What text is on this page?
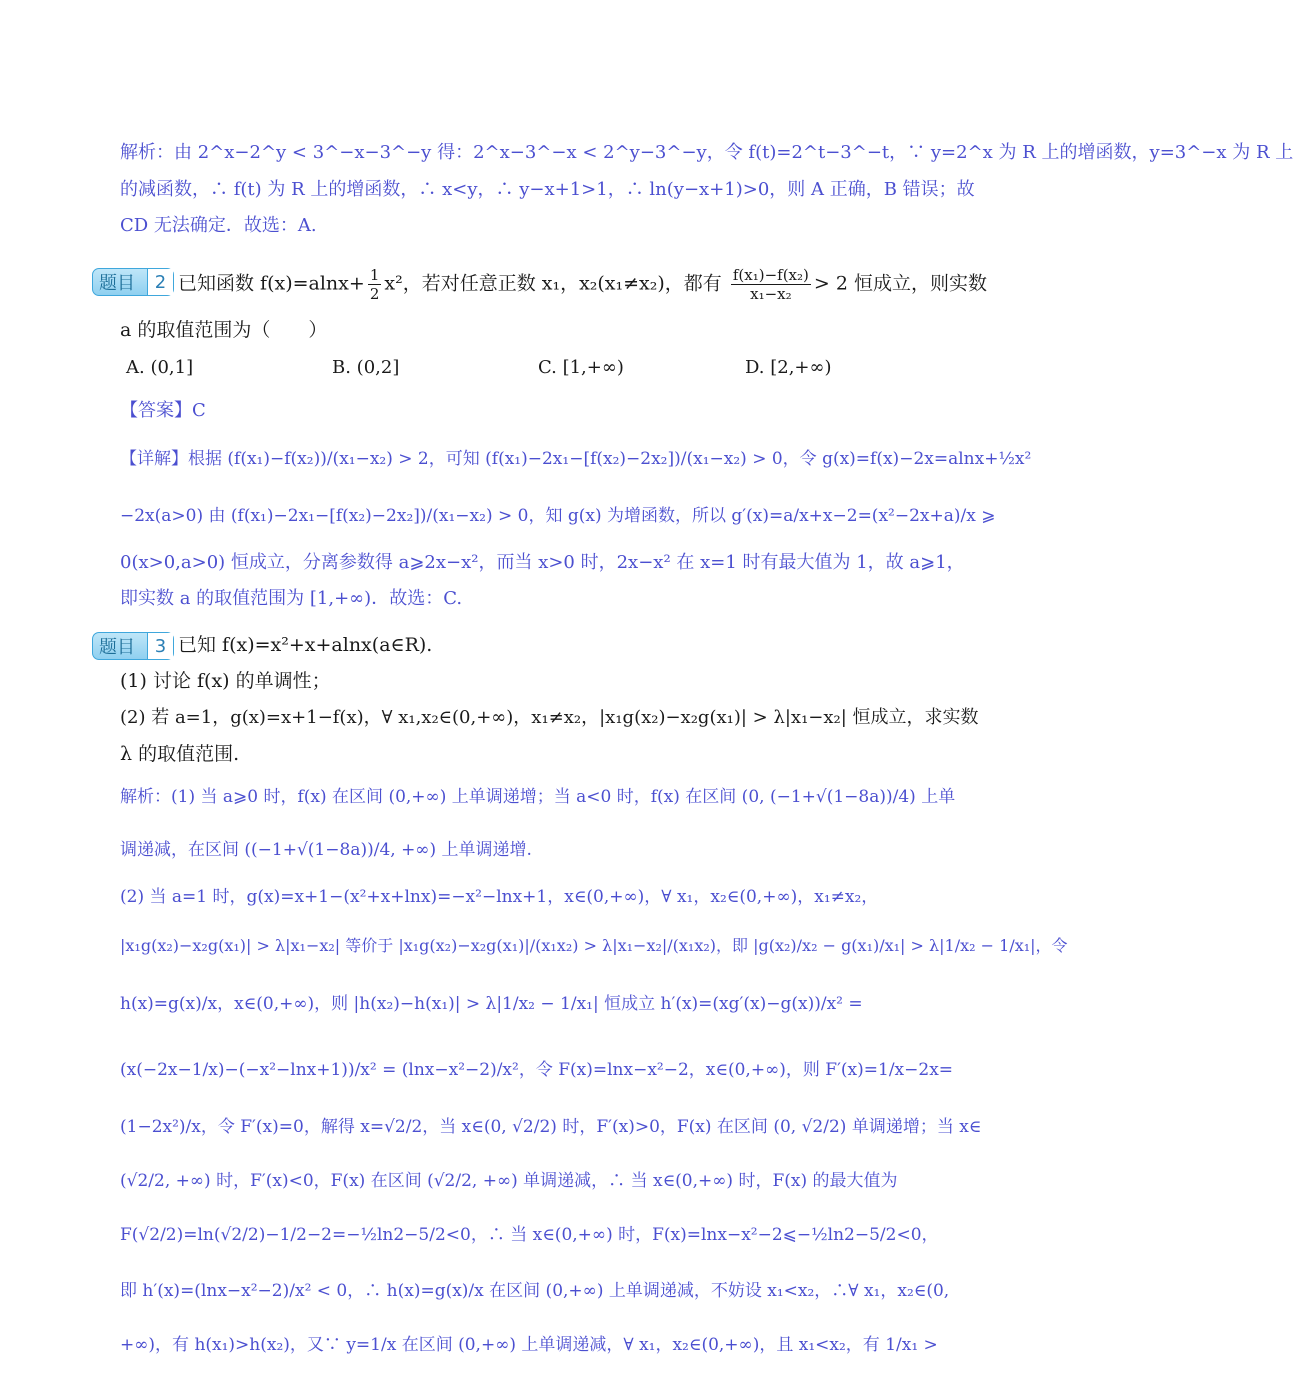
解析：由 2^x−2^y < 3^−x−3^−y 得：2^x−3^−x < 2^y−3^−y，令 f(t)=2^t−3^−t，∵ y=2^x 为 R 上的增函数，y=3^−x 为 R 上
的减函数，∴ f(t) 为 R 上的增函数，∴ x<y，∴ y−x+1>1，∴ ln(y−x+1)>0，则 A 正确，B 错误；故
CD 无法确定．故选：A.
题目	2 已知函数 $f(x)=alnx+ \frac{1}{2} x^2$，若对任意正数 x₁，x₂(x₁≠x₂)，都有 $\frac{\text{f(x₁)−f(x₂)}}{\text{x₁−x₂}} > 2$ 恒成立，则实数
a 的取值范围为（　　）
A. (0,1]	B. (0,2]	C. [1,+∞)	D. [2,+∞)
【答案】C
【详解】根据 (f(x₁)−f(x₂))/(x₁−x₂) > 2，可知 (f(x₁)−2x₁−[f(x₂)−2x₂])/(x₁−x₂) > 0，令 g(x)=f(x)−2x=alnx+½x²
−2x(a>0) 由 (f(x₁)−2x₁−[f(x₂)−2x₂])/(x₁−x₂) > 0，知 g(x) 为增函数，所以 g′(x)=a/x+x−2=(x²−2x+a)/x ⩾
0(x>0,a>0) 恒成立，分离参数得 a⩾2x−x²，而当 x>0 时，2x−x² 在 x=1 时有最大值为 1，故 a⩾1，
即实数 a 的取值范围为 [1,+∞)．故选：C.
题目	3 已知 f(x)=x²+x+alnx(a∈R).
(1) 讨论 f(x) 的单调性；
(2) 若 a=1，g(x)=x+1−f(x)，∀ x₁,x₂∈(0,+∞)，x₁≠x₂，|x₁g(x₂)−x₂g(x₁)| > λ|x₁−x₂| 恒成立，求实数
λ 的取值范围.
解析：(1) 当 a⩾0 时，f(x) 在区间 (0,+∞) 上单调递增；当 a<0 时，f(x) 在区间 (0, (−1+√(1−8a))/4) 上单
调递减，在区间 ((−1+√(1−8a))/4, +∞) 上单调递增.
(2) 当 a=1 时，g(x)=x+1−(x²+x+lnx)=−x²−lnx+1，x∈(0,+∞)，∀ x₁，x₂∈(0,+∞)，x₁≠x₂，
|x₁g(x₂)−x₂g(x₁)| > λ|x₁−x₂| 等价于 |x₁g(x₂)−x₂g(x₁)|/(x₁x₂) > λ|x₁−x₂|/(x₁x₂)，即 |g(x₂)/x₂ − g(x₁)/x₁| > λ|1/x₂ − 1/x₁|，令
h(x)=g(x)/x，x∈(0,+∞)，则 |h(x₂)−h(x₁)| > λ|1/x₂ − 1/x₁| 恒成立 h′(x)=(xg′(x)−g(x))/x² =
(x(−2x−1/x)−(−x²−lnx+1))/x² = (lnx−x²−2)/x²，令 F(x)=lnx−x²−2，x∈(0,+∞)，则 F′(x)=1/x−2x=
(1−2x²)/x，令 F′(x)=0，解得 x=√2/2，当 x∈(0, √2/2) 时，F′(x)>0，F(x) 在区间 (0, √2/2) 单调递增；当 x∈
(√2/2, +∞) 时，F′(x)<0，F(x) 在区间 (√2/2, +∞) 单调递减，∴ 当 x∈(0,+∞) 时，F(x) 的最大值为
F(√2/2)=ln(√2/2)−1/2−2=−½ln2−5/2<0，∴ 当 x∈(0,+∞) 时，F(x)=lnx−x²−2⩽−½ln2−5/2<0，
即 h′(x)=(lnx−x²−2)/x² < 0，∴ h(x)=g(x)/x 在区间 (0,+∞) 上单调递减，不妨设 x₁<x₂，∴∀ x₁，x₂∈(0,
+∞)，有 h(x₁)>h(x₂)，又∵ y=1/x 在区间 (0,+∞) 上单调递减，∀ x₁，x₂∈(0,+∞)，且 x₁<x₂，有 1/x₁ >
